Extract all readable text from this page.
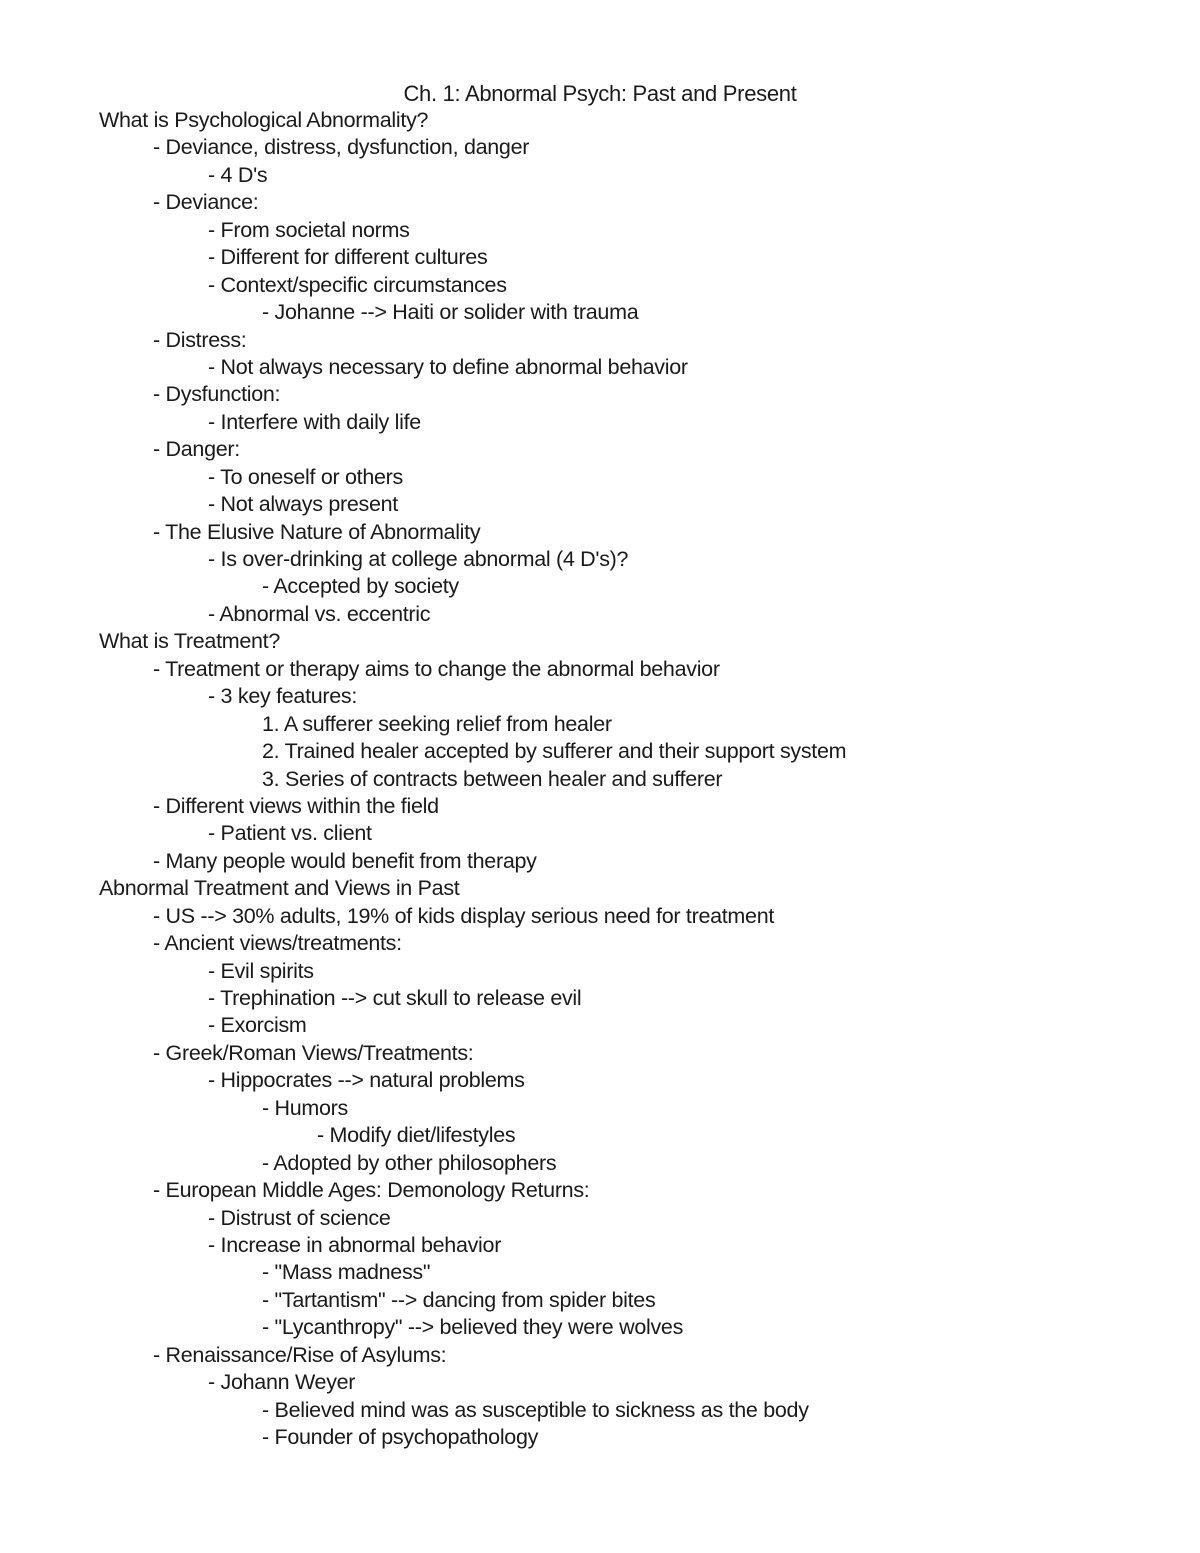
Ch. 1: Abnormal Psych: Past and Present
What is Psychological Abnormality?
- Deviance, distress, dysfunction, danger
- 4 D's
- Deviance:
- From societal norms
- Different for different cultures
- Context/specific circumstances
- Johanne --> Haiti or solider with trauma
- Distress:
- Not always necessary to define abnormal behavior
- Dysfunction:
- Interfere with daily life
- Danger:
- To oneself or others
- Not always present
- The Elusive Nature of Abnormality
- Is over-drinking at college abnormal (4 D's)?
- Accepted by society
- Abnormal vs. eccentric
What is Treatment?
- Treatment or therapy aims to change the abnormal behavior
- 3 key features:
1. A sufferer seeking relief from healer
2. Trained healer accepted by sufferer and their support system
3. Series of contracts between healer and sufferer
- Different views within the field
- Patient vs. client
- Many people would benefit from therapy
Abnormal Treatment and Views in Past
- US --> 30% adults, 19% of kids display serious need for treatment
- Ancient views/treatments:
- Evil spirits
- Trephination --> cut skull to release evil
- Exorcism
- Greek/Roman Views/Treatments:
- Hippocrates --> natural problems
- Humors
- Modify diet/lifestyles
- Adopted by other philosophers
- European Middle Ages: Demonology Returns:
- Distrust of science
- Increase in abnormal behavior
- "Mass madness"
- "Tartantism" --> dancing from spider bites
- "Lycanthropy" --> believed they were wolves
- Renaissance/Rise of Asylums:
- Johann Weyer
- Believed mind was as susceptible to sickness as the body
- Founder of psychopathology
